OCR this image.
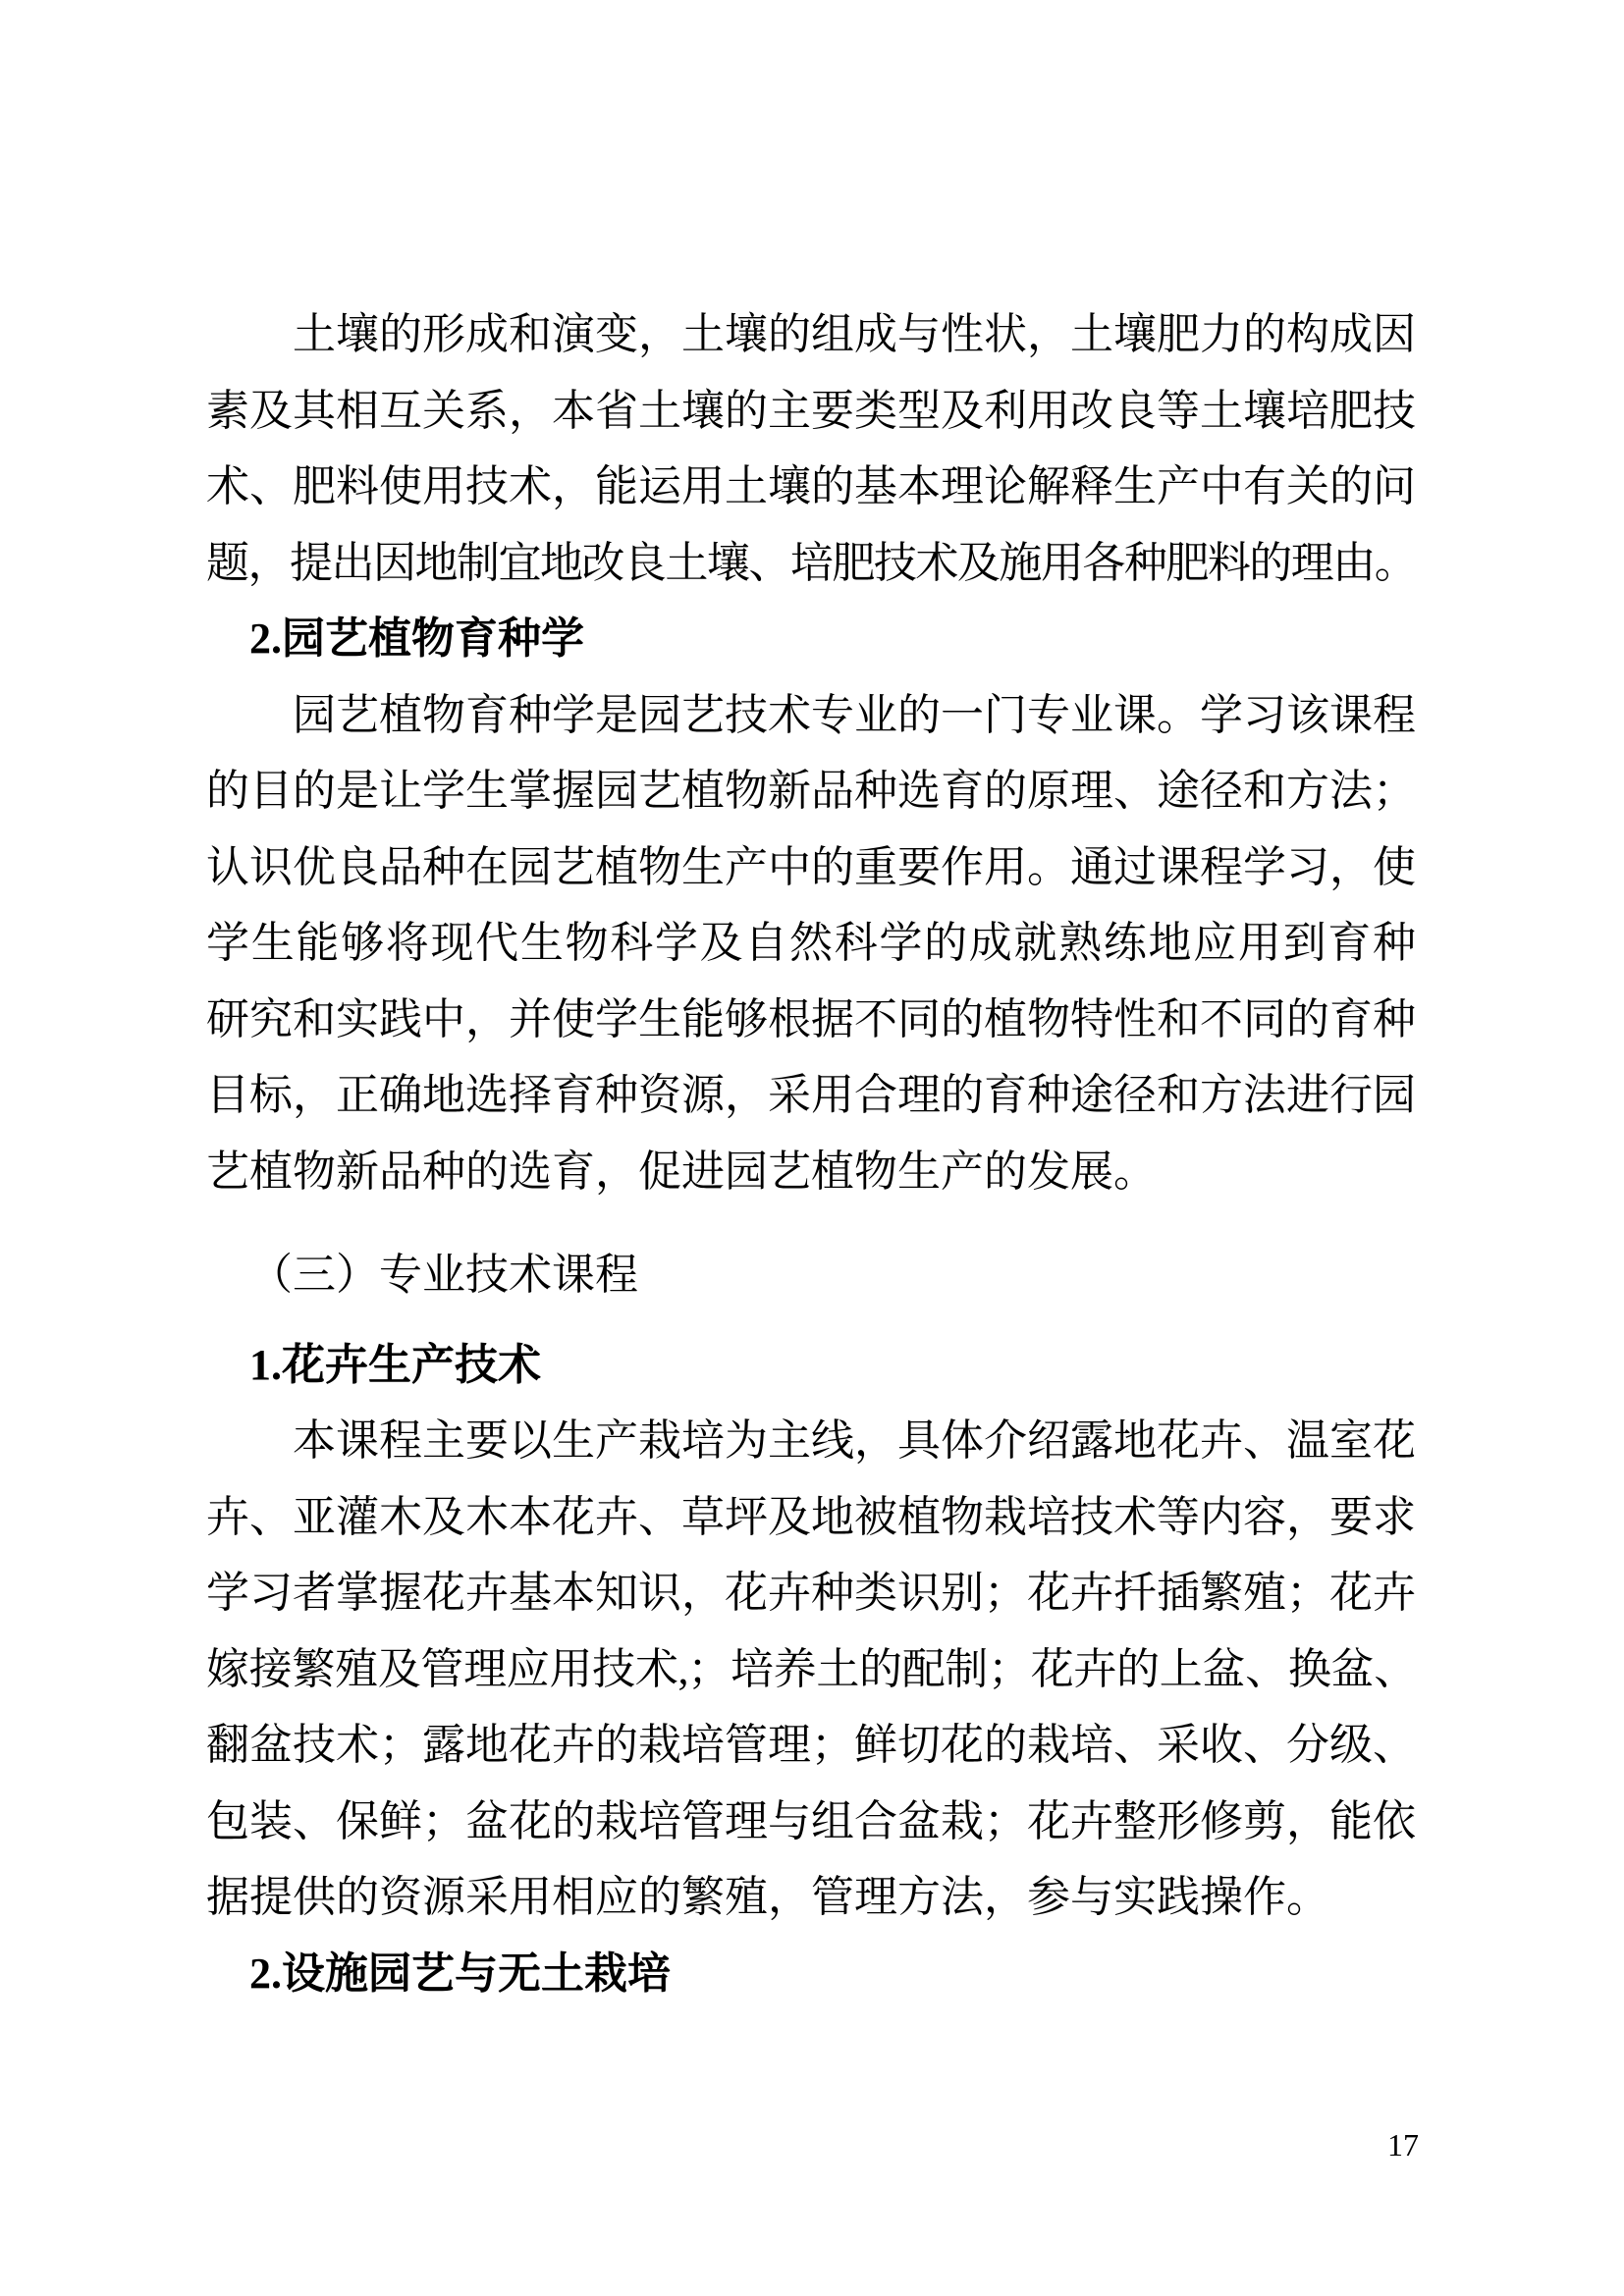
土壤的形成和演变，土壤的组成与性状，土壤肥力的构成因
素及其相互关系，本省土壤的主要类型及利用改良等土壤培肥技
术、肥料使用技术，能运用土壤的基本理论解释生产中有关的问
题，提出因地制宜地改良土壤、培肥技术及施用各种肥料的理由。
2.园艺植物育种学
园艺植物育种学是园艺技术专业的一门专业课。学习该课程
的目的是让学生掌握园艺植物新品种选育的原理、途径和方法；
认识优良品种在园艺植物生产中的重要作用。通过课程学习，使
学生能够将现代生物科学及自然科学的成就熟练地应用到育种
研究和实践中，并使学生能够根据不同的植物特性和不同的育种
目标，正确地选择育种资源，采用合理的育种途径和方法进行园
艺植物新品种的选育，促进园艺植物生产的发展。
（三）专业技术课程
1.花卉生产技术
本课程主要以生产栽培为主线，具体介绍露地花卉、温室花
卉、亚灌木及木本花卉、草坪及地被植物栽培技术等内容，要求
学习者掌握花卉基本知识，花卉种类识别；花卉扦插繁殖；花卉
嫁接繁殖及管理应用技术,；培养土的配制；花卉的上盆、换盆、
翻盆技术；露地花卉的栽培管理；鲜切花的栽培、采收、分级、
包装、保鲜；盆花的栽培管理与组合盆栽；花卉整形修剪，能依
据提供的资源采用相应的繁殖，管理方法，参与实践操作。
2.设施园艺与无土栽培
17
